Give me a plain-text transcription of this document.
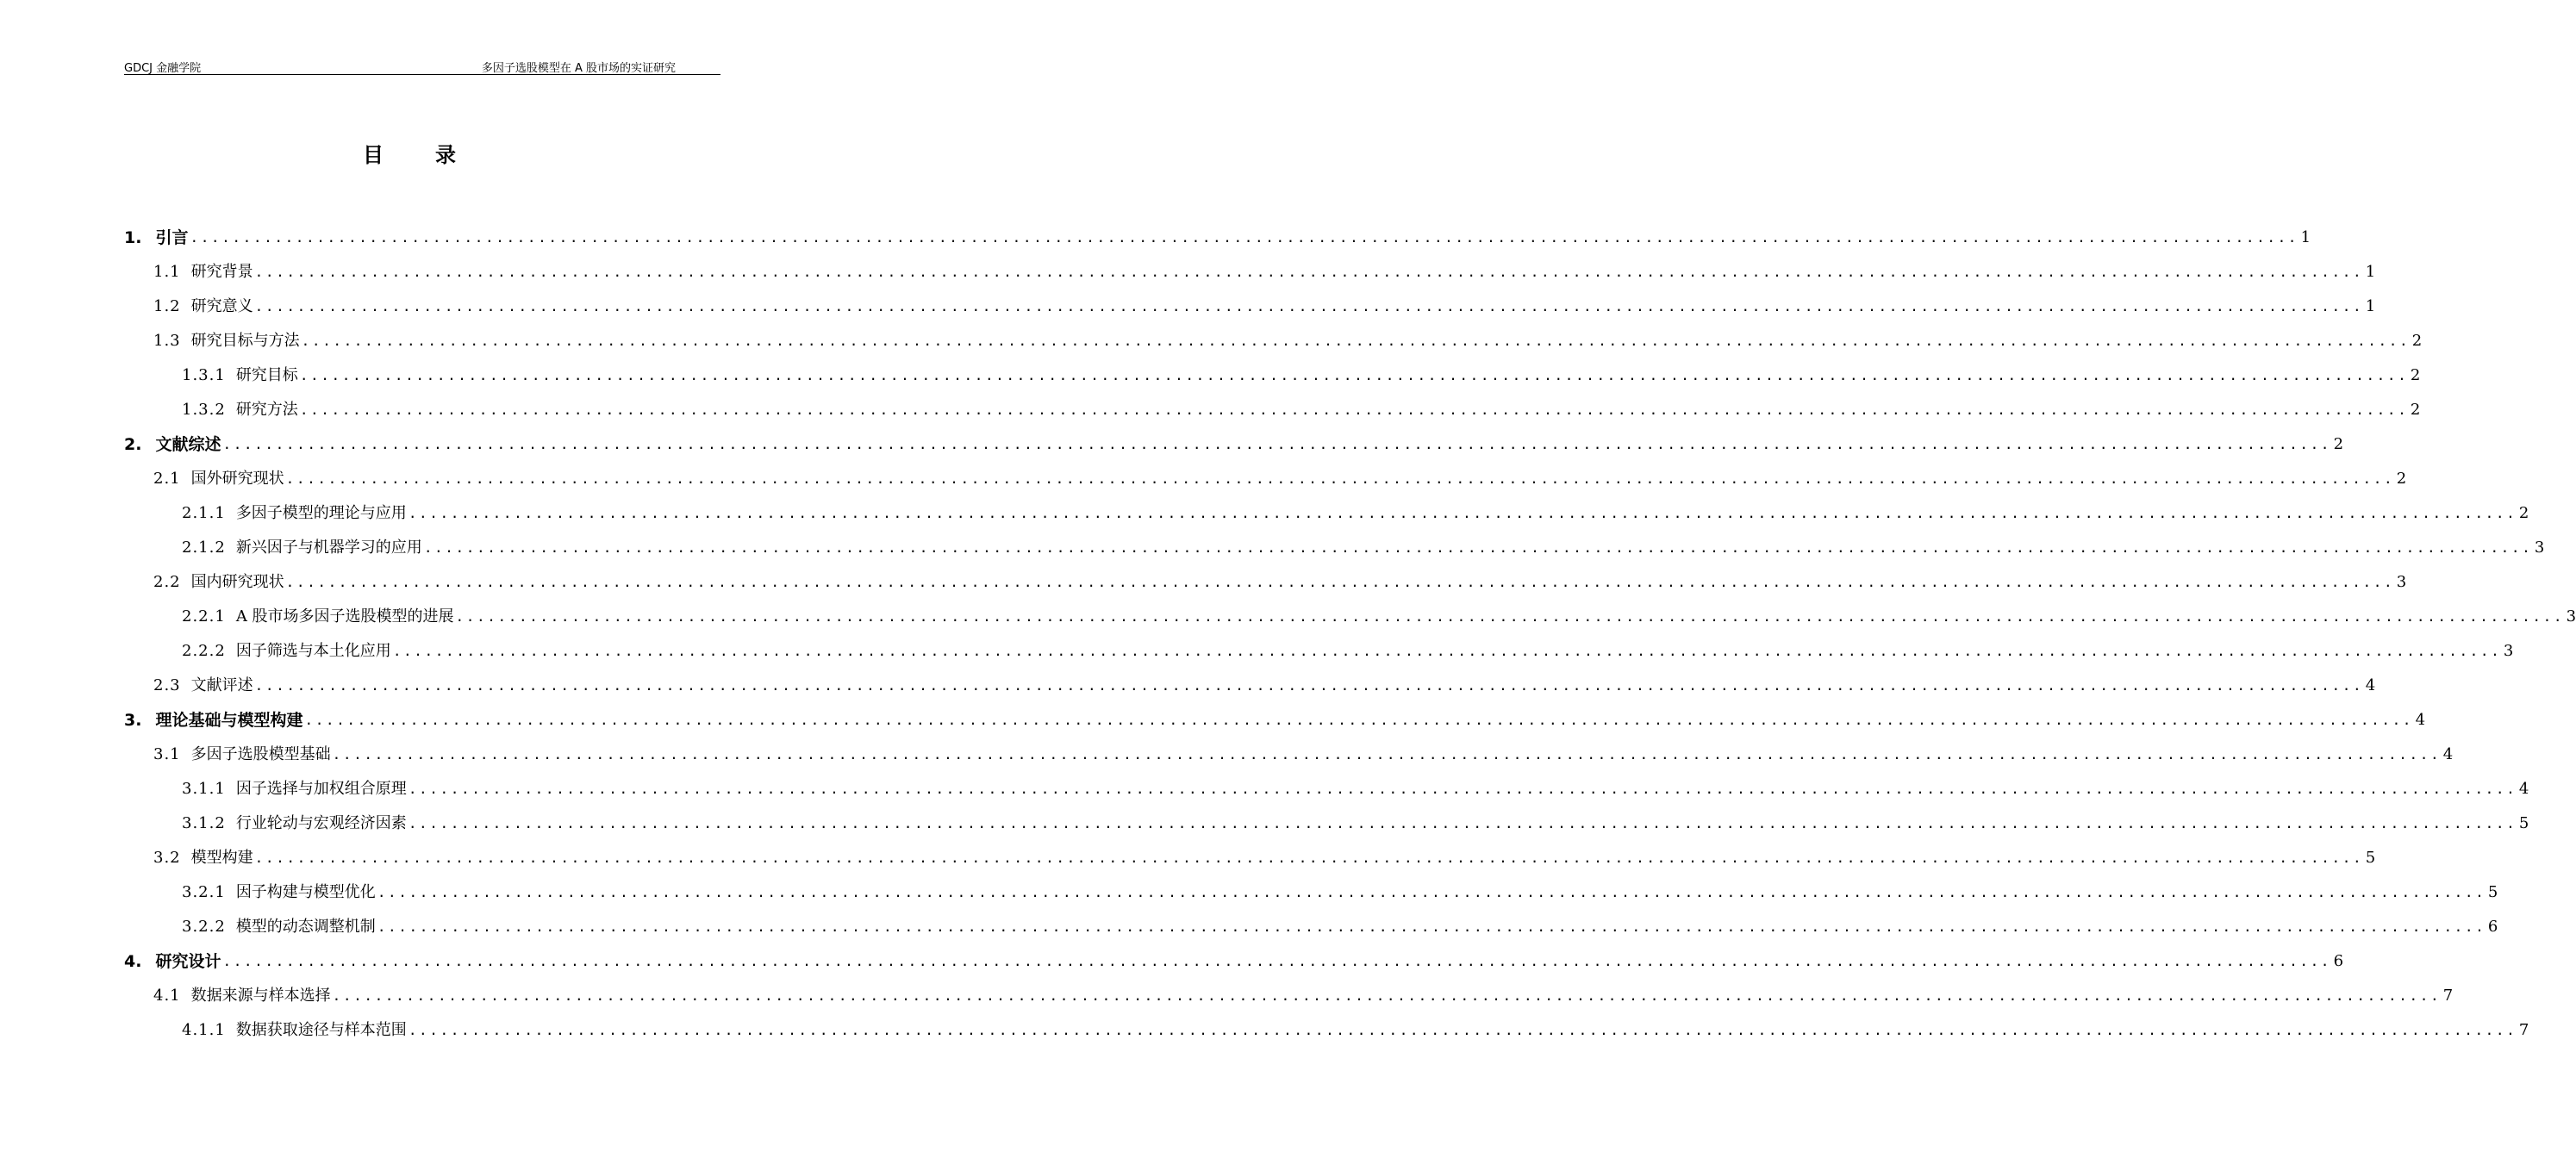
GDCJ 金融学院	多因子选股模型在 A 股市场的实证研究
目录
1. 引言 ........................................................................................................................................................................................................ 1
1.1 研究背景 ........................................................................................................................................................................................................ 1
1.2 研究意义 ........................................................................................................................................................................................................ 1
1.3 研究目标与方法 ........................................................................................................................................................................................................ 2
1.3.1 研究目标 ........................................................................................................................................................................................................ 2
1.3.2 研究方法 ........................................................................................................................................................................................................ 2
2. 文献综述 ........................................................................................................................................................................................................ 2
2.1 国外研究现状 ........................................................................................................................................................................................................ 2
2.1.1 多因子模型的理论与应用 ........................................................................................................................................................................................................ 2
2.1.2 新兴因子与机器学习的应用 ........................................................................................................................................................................................................ 3
2.2 国内研究现状 ........................................................................................................................................................................................................ 3
2.2.1 A 股市场多因子选股模型的进展 ........................................................................................................................................................................................................ 3
2.2.2 因子筛选与本土化应用 ........................................................................................................................................................................................................ 3
2.3 文献评述 ........................................................................................................................................................................................................ 4
3. 理论基础与模型构建 ........................................................................................................................................................................................................ 4
3.1 多因子选股模型基础 ........................................................................................................................................................................................................ 4
3.1.1 因子选择与加权组合原理 ........................................................................................................................................................................................................ 4
3.1.2 行业轮动与宏观经济因素 ........................................................................................................................................................................................................ 5
3.2 模型构建 ........................................................................................................................................................................................................ 5
3.2.1 因子构建与模型优化 ........................................................................................................................................................................................................ 5
3.2.2 模型的动态调整机制 ........................................................................................................................................................................................................ 6
4. 研究设计 ........................................................................................................................................................................................................ 6
4.1 数据来源与样本选择 ........................................................................................................................................................................................................ 7
4.1.1 数据获取途径与样本范围 ........................................................................................................................................................................................................ 7
